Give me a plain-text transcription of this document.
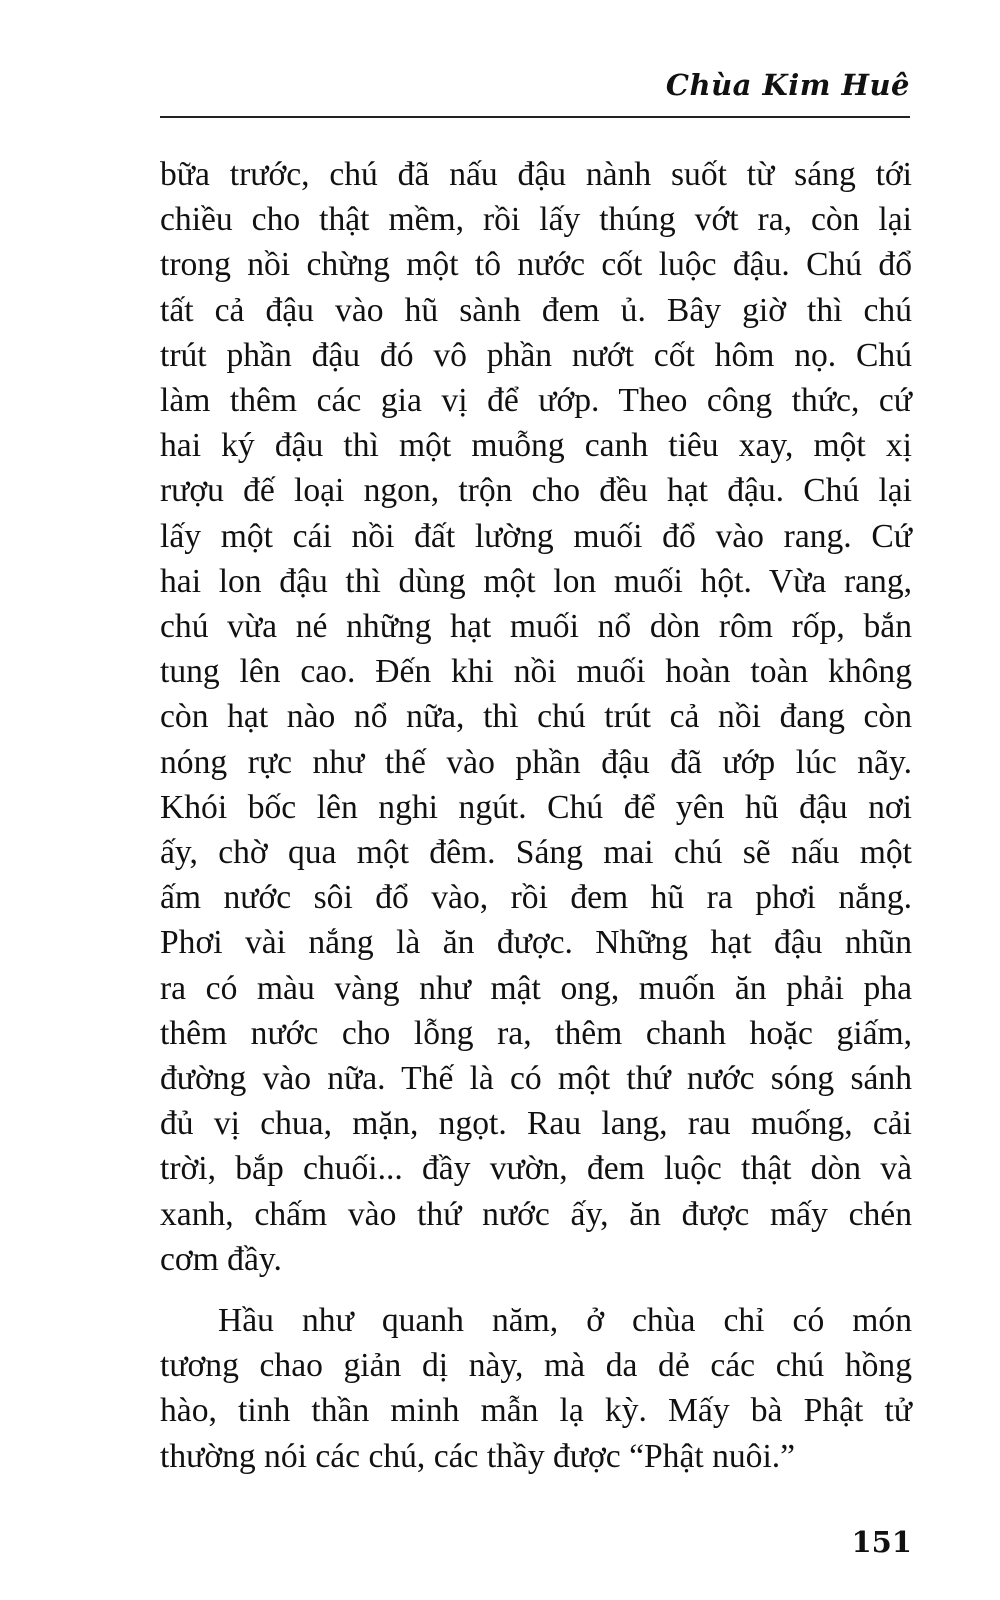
Chùa Kim Huê

bữa trước, chú đã nấu đậu nành suốt từ sáng tới
chiều cho thật mềm, rồi lấy thúng vớt ra, còn lại
trong nồi chừng một tô nước cốt luộc đậu. Chú đổ
tất cả đậu vào hũ sành đem ủ. Bây giờ thì chú
trút phần đậu đó vô phần nướt cốt hôm nọ. Chú
làm thêm các gia vị để ướp. Theo công thức, cứ
hai ký đậu thì một muỗng canh tiêu xay, một xị
rượu đế loại ngon, trộn cho đều hạt đậu. Chú lại
lấy một cái nồi đất lường muối đổ vào rang. Cứ
hai lon đậu thì dùng một lon muối hột. Vừa rang,
chú vừa né những hạt muối nổ dòn rôm rốp, bắn
tung lên cao. Đến khi nồi muối hoàn toàn không
còn hạt nào nổ nữa, thì chú trút cả nồi đang còn
nóng rực như thế vào phần đậu đã ướp lúc nãy.
Khói bốc lên nghi ngút. Chú để yên hũ đậu nơi
ấy, chờ qua một đêm. Sáng mai chú sẽ nấu một
ấm nước sôi đổ vào, rồi đem hũ ra phơi nắng.
Phơi vài nắng là ăn được. Những hạt đậu nhũn
ra có màu vàng như mật ong, muốn ăn phải pha
thêm nước cho lỗng ra, thêm chanh hoặc giấm,
đường vào nữa. Thế là có một thứ nước sóng sánh
đủ vị chua, mặn, ngọt. Rau lang, rau muống, cải
trời, bắp chuối... đầy vườn, đem luộc thật dòn và
xanh, chấm vào thứ nước ấy, ăn được mấy chén
cơm đầy.

Hầu như quanh năm, ở chùa chỉ có món
tương chao giản dị này, mà da dẻ các chú hồng
hào, tinh thần minh mẫn lạ kỳ. Mấy bà Phật tử
thường nói các chú, các thầy được “Phật nuôi.”

151
